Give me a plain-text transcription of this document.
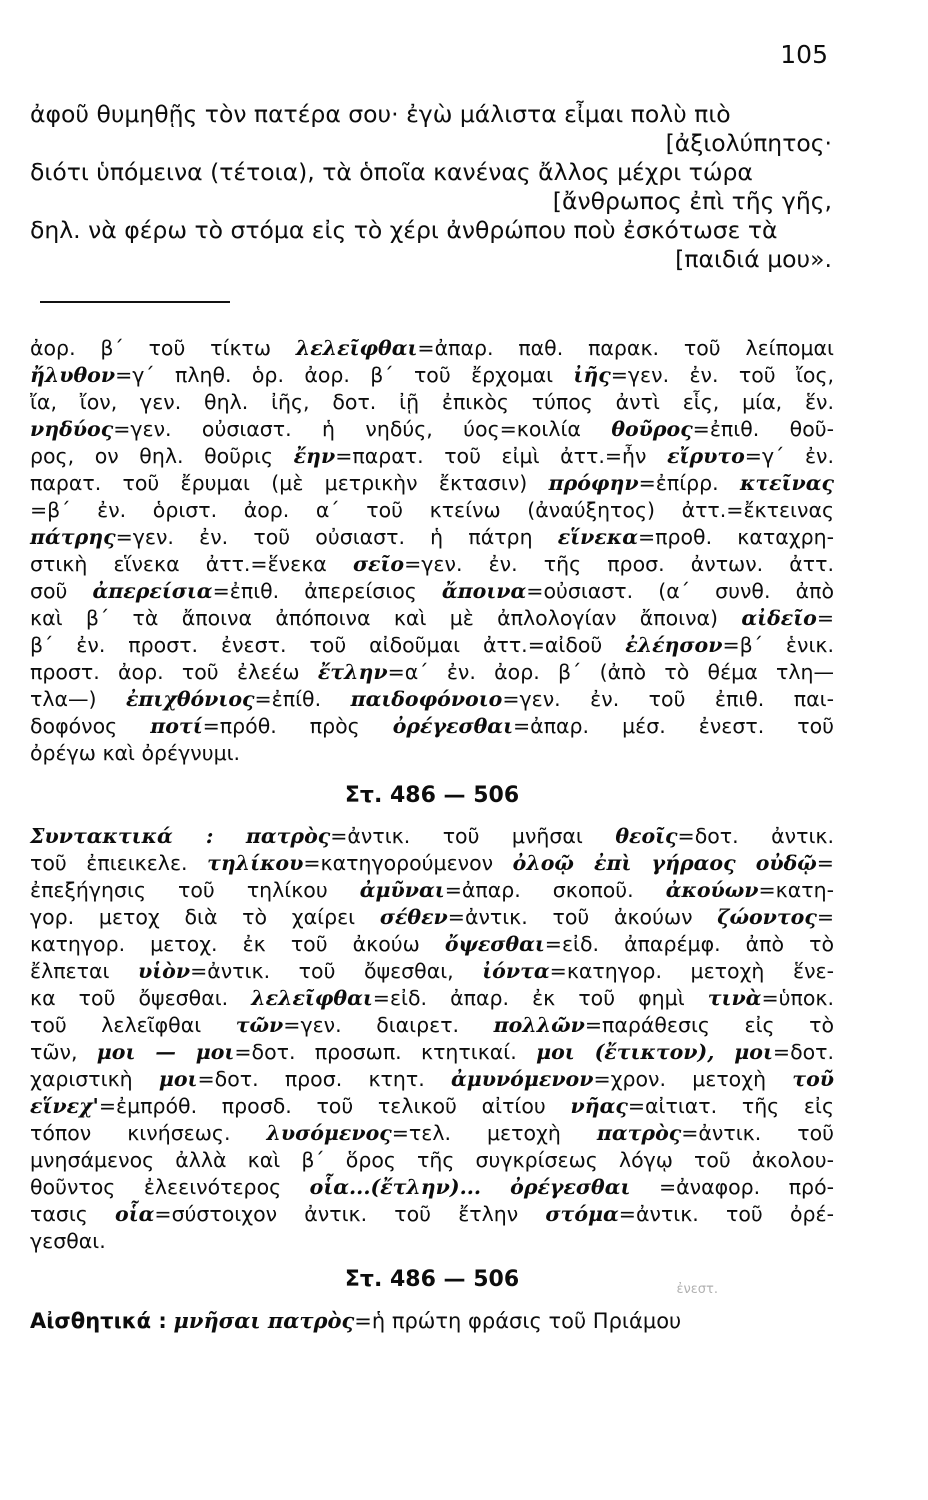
105
ἀφοῦ θυμηθῇς τὸν πατέρα σου· ἐγὼ μάλιστα εἶμαι πολὺ πιὸ
[ἀξιολύπητος·
διότι ὑπόμεινα (τέτοια), τὰ ὁποῖα κανένας ἄλλος μέχρι τώρα
[ἄνθρωπος ἐπὶ τῆς γῆς,
δηλ. νὰ φέρω τὸ στόμα εἰς τὸ χέρι ἀνθρώπου ποὺ ἐσκότωσε τὰ
[παιδιά μου».
ἀορ. β΄ τοῦ τίκτω λελεῖφθαι=ἀπαρ. παθ. παρακ. τοῦ λείπομαι
ἤλυθον=γ΄ πληθ. ὁρ. ἀορ. β΄ τοῦ ἔρχομαι ἰῆς=γεν. ἐν. τοῦ ἴος,
ἴα, ἴον, γεν. θηλ. ἰῆς, δοτ. ἰῇ ἐπικὸς τύπος ἀντὶ εἷς, μία, ἕν.
νηδύος=γεν. οὐσιαστ. ἡ νηδύς, ύος=κοιλία θοῦρος=ἐπιθ. θοῦ-
ρος, ον θηλ. θοῦρις ἔην=παρατ. τοῦ εἰμὶ ἀττ.=ἦν εἴρυτο=γ΄ ἐν.
παρατ. τοῦ ἔρυμαι (μὲ μετρικὴν ἔκτασιν) πρόφην=ἐπίρρ. κτεῖνας
=β΄ ἐν. ὁριστ. ἀορ. α΄ τοῦ κτείνω (ἀναύξητος) ἀττ.=ἔκτεινας
πάτρης=γεν. ἐν. τοῦ οὐσιαστ. ἡ πάτρη εἵνεκα=προθ. καταχρη-
στικὴ εἵνεκα ἀττ.=ἕνεκα σεῖο=γεν. ἐν. τῆς προσ. ἀντων. ἀττ.
σοῦ ἀπερείσια=ἐπιθ. ἀπερείσιος ἄποινα=οὐσιαστ. (α΄ συνθ. ἀπὸ
καὶ β΄ τὰ ἄποινα ἀπόποινα καὶ μὲ ἀπλολογίαν ἄποινα) αἰδεῖο=
β΄ ἐν. προστ. ἐνεστ. τοῦ αἰδοῦμαι ἀττ.=αἰδοῦ ἐλέησον=β΄ ἑνικ.
προστ. ἀορ. τοῦ ἐλεέω ἔτλην=α΄ ἐν. ἀορ. β΄ (ἀπὸ τὸ θέμα τλη—
τλα—) ἐπιχθόνιος=ἐπίθ. παιδοφόνοιο=γεν. ἐν. τοῦ ἐπιθ. παι-
δοφόνος ποτί=πρόθ. πρὸς ὀρέγεσθαι=ἀπαρ. μέσ. ἐνεστ. τοῦ
ὀρέγω καὶ ὀρέγνυμι.
Στ. 486 — 506
Συντακτικά : πατρὸς=ἀντικ. τοῦ μνῆσαι θεοῖς=δοτ. ἀντικ.
τοῦ ἐπιεικελε. τηλίκου=κατηγορούμενον ὀλοῷ ἐπὶ γήραος οὐδῷ=
ἐπεξήγησις τοῦ τηλίκου ἀμῦναι=ἀπαρ. σκοποῦ. ἀκούων=κατη-
γορ. μετοχ διὰ τὸ χαίρει σέθεν=ἀντικ. τοῦ ἀκούων ζώοντος=
κατηγορ. μετοχ. ἐκ τοῦ ἀκούω ὄψεσθαι=εἰδ. ἀπαρέμφ. ἀπὸ τὸ
ἔλπεται υἱὸν=ἀντικ. τοῦ ὄψεσθαι, ἰόντα=κατηγορ. μετοχὴ ἕνε-
κα τοῦ ὄψεσθαι. λελεῖφθαι=εἰδ. ἀπαρ. ἐκ τοῦ φημὶ τινὰ=ὑποκ.
τοῦ λελεῖφθαι τῶν=γεν. διαιρετ. πολλῶν=παράθεσις εἰς τὸ
τῶν, μοι — μοι=δοτ. προσωπ. κτητικαί. μοι (ἔτικτον), μοι=δοτ.
χαριστικὴ μοι=δοτ. προσ. κτητ. ἀμυνόμενον=χρον. μετοχὴ τοῦ
εἵνεχ'=ἐμπρόθ. προσδ. τοῦ τελικοῦ αἰτίου νῆας=αἰτιατ. τῆς εἰς
τόπον κινήσεως. λυσόμενος=τελ. μετοχὴ πατρὸς=ἀντικ. τοῦ
μνησάμενος ἀλλὰ καὶ β΄ ὅρος τῆς συγκρίσεως λόγῳ τοῦ ἀκολου-
θοῦντος ἐλεεινότερος οἷα...(ἔτλην)... ὀρέγεσθαι =ἀναφορ. πρό-
τασις οἷα=σύστοιχον ἀντικ. τοῦ ἔτλην στόμα=ἀντικ. τοῦ ὀρέ-
γεσθαι.
Στ. 486 — 506
Αἰσθητικά : μνῆσαι πατρὸς=ἡ πρώτη φράσις τοῦ Πριάμου
ἐνεστ.
